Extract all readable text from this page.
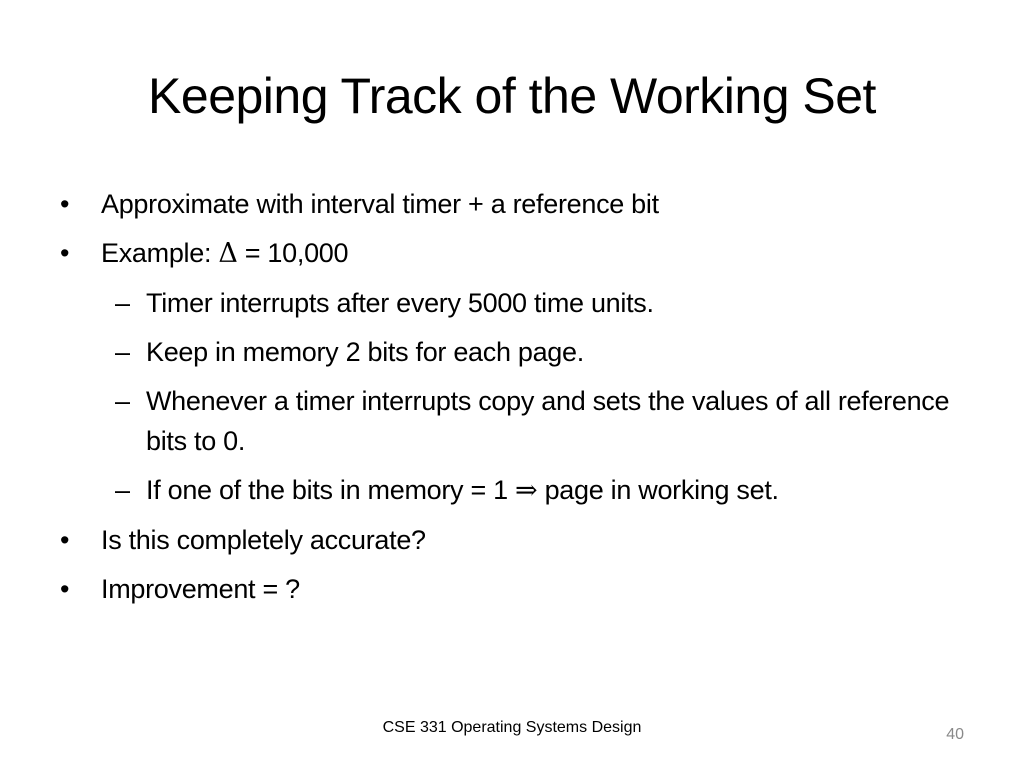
Keeping Track of the Working Set
• Approximate with interval timer + a reference bit
• Example: Δ = 10,000
– Timer interrupts after every 5000 time units.
– Keep in memory 2 bits for each page.
– Whenever a timer interrupts copy and sets the values of all reference bits to 0.
– If one of the bits in memory = 1 ⇒ page in working set.
• Is this completely accurate?
• Improvement = ?
CSE 331 Operating Systems Design	40
